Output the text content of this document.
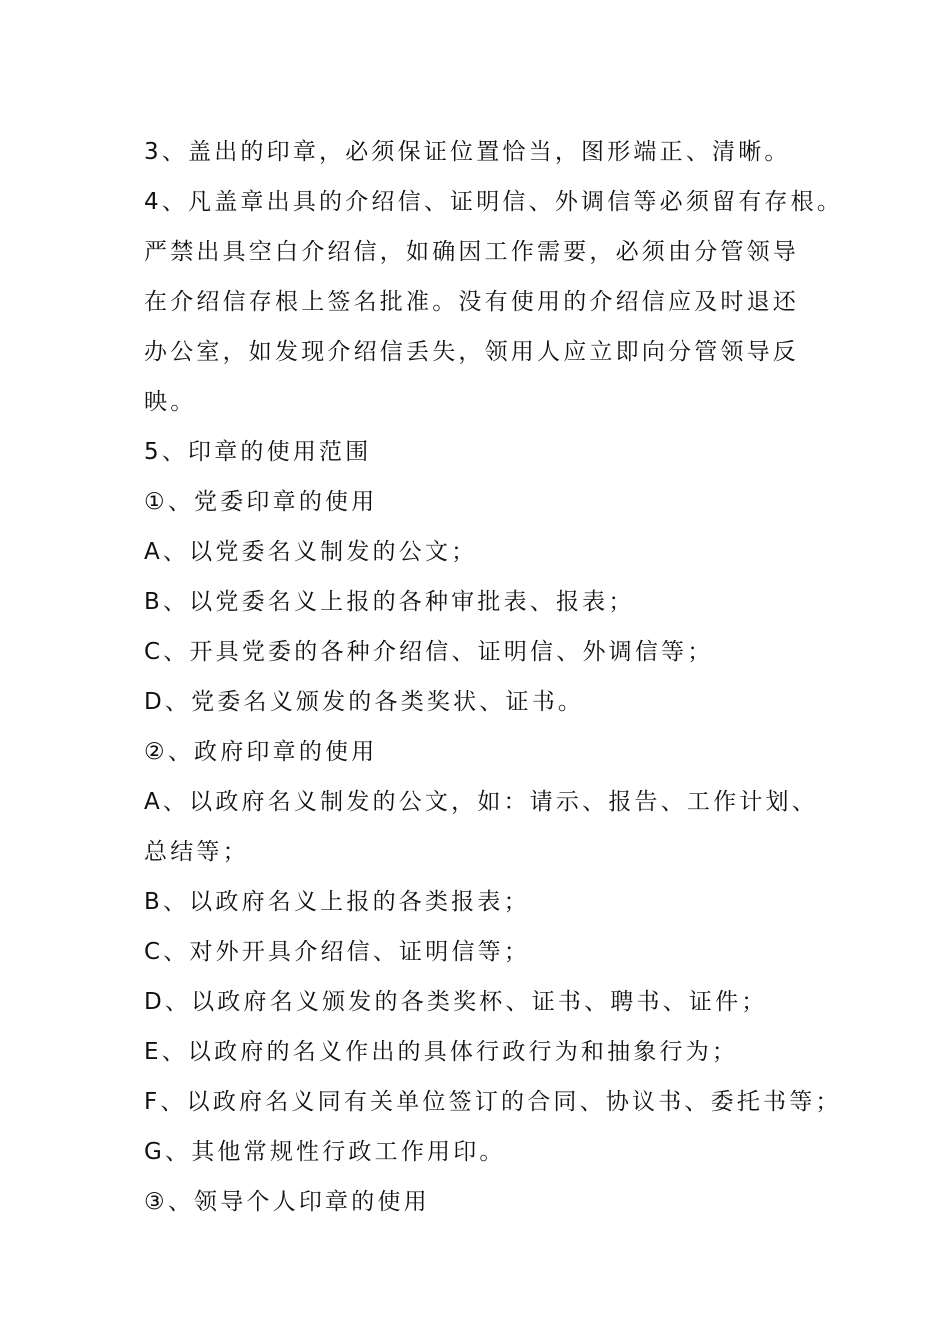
3、盖出的印章，必须保证位置恰当，图形端正、清晰。
4、凡盖章出具的介绍信、证明信、外调信等必须留有存根。
严禁出具空白介绍信，如确因工作需要，必须由分管领导
在介绍信存根上签名批准。没有使用的介绍信应及时退还
办公室，如发现介绍信丢失，领用人应立即向分管领导反
映。
5、印章的使用范围
①、党委印章的使用
A、以党委名义制发的公文；
B、以党委名义上报的各种审批表、报表；
C、开具党委的各种介绍信、证明信、外调信等；
D、党委名义颁发的各类奖状、证书。
②、政府印章的使用
A、以政府名义制发的公文，如：请示、报告、工作计划、
总结等；
B、以政府名义上报的各类报表；
C、对外开具介绍信、证明信等；
D、以政府名义颁发的各类奖杯、证书、聘书、证件；
E、以政府的名义作出的具体行政行为和抽象行为；
F、以政府名义同有关单位签订的合同、协议书、委托书等；
G、其他常规性行政工作用印。
③、领导个人印章的使用
